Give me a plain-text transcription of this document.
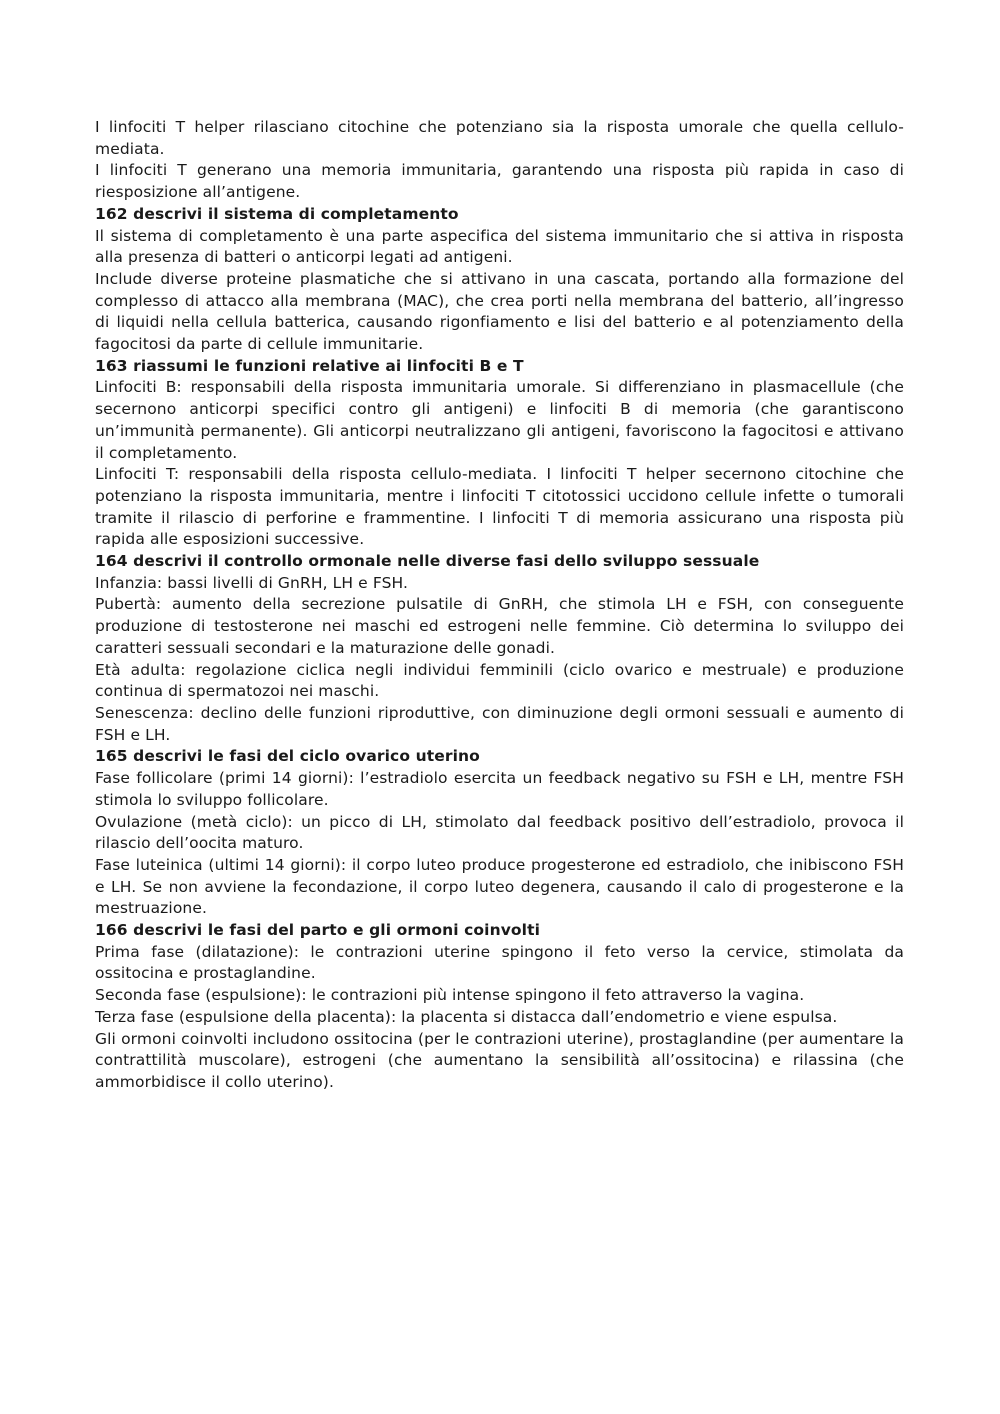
I linfociti T helper rilasciano citochine che potenziano sia la risposta umorale che quella cellulo-mediata.

I linfociti T generano una memoria immunitaria, garantendo una risposta più rapida in caso di riesposizione all’antigene.

162 descrivi il sistema di completamento

Il sistema di completamento è una parte aspecifica del sistema immunitario che si attiva in risposta alla presenza di batteri o anticorpi legati ad antigeni.

Include diverse proteine plasmatiche che si attivano in una cascata, portando alla formazione del complesso di attacco alla membrana (MAC), che crea porti nella membrana del batterio, all’ingresso di liquidi nella cellula batterica, causando rigonfiamento e lisi del batterio e al potenziamento della fagocitosi da parte di cellule immunitarie.

163 riassumi le funzioni relative ai linfociti B e T

Linfociti B: responsabili della risposta immunitaria umorale. Si differenziano in plasmacellule (che secernono anticorpi specifici contro gli antigeni) e linfociti B di memoria (che garantiscono un’immunità permanente). Gli anticorpi neutralizzano gli antigeni, favoriscono la fagocitosi e attivano il completamento.

Linfociti T: responsabili della risposta cellulo-mediata. I linfociti T helper secernono citochine che potenziano la risposta immunitaria, mentre i linfociti T citotossici uccidono cellule infette o tumorali tramite il rilascio di perforine e frammentine. I linfociti T di memoria assicurano una risposta più rapida alle esposizioni successive.

164 descrivi il controllo ormonale nelle diverse fasi dello sviluppo sessuale

Infanzia: bassi livelli di GnRH, LH e FSH.

Pubertà: aumento della secrezione pulsatile di GnRH, che stimola LH e FSH, con conseguente produzione di testosterone nei maschi ed estrogeni nelle femmine. Ciò determina lo sviluppo dei caratteri sessuali secondari e la maturazione delle gonadi.

Età adulta: regolazione ciclica negli individui femminili (ciclo ovarico e mestruale) e produzione continua di spermatozoi nei maschi.

Senescenza: declino delle funzioni riproduttive, con diminuzione degli ormoni sessuali e aumento di FSH e LH.

165 descrivi le fasi del ciclo ovarico uterino

Fase follicolare (primi 14 giorni): l’estradiolo esercita un feedback negativo su FSH e LH, mentre FSH stimola lo sviluppo follicolare.

Ovulazione (metà ciclo): un picco di LH, stimolato dal feedback positivo dell’estradiolo, provoca il rilascio dell’oocita maturo.

Fase luteinica (ultimi 14 giorni): il corpo luteo produce progesterone ed estradiolo, che inibiscono FSH e LH. Se non avviene la fecondazione, il corpo luteo degenera, causando il calo di progesterone e la mestruazione.

166 descrivi le fasi del parto e gli ormoni coinvolti

Prima fase (dilatazione): le contrazioni uterine spingono il feto verso la cervice, stimolata da ossitocina e prostaglandine.

Seconda fase (espulsione): le contrazioni più intense spingono il feto attraverso la vagina.

Terza fase (espulsione della placenta): la placenta si distacca dall’endometrio e viene espulsa.

Gli ormoni coinvolti includono ossitocina (per le contrazioni uterine), prostaglandine (per aumentare la contrattilità muscolare), estrogeni (che aumentano la sensibilità all’ossitocina) e rilassina (che ammorbidisce il collo uterino).
